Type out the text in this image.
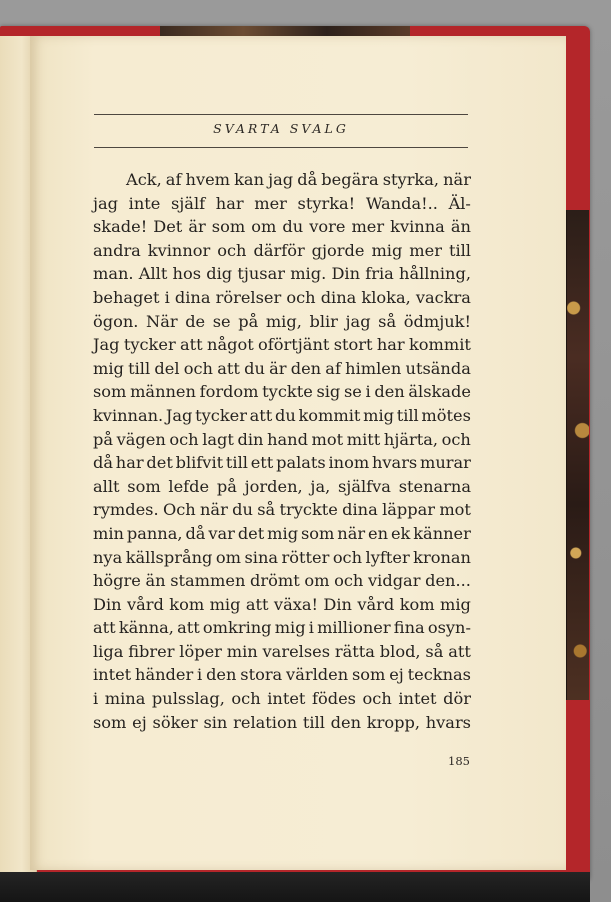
SVARTA SVALG
Ack, af hvem kan jag då begära styrka, när
jag inte själf har mer styrka! Wanda!.. Äl-
skade! Det är som om du vore mer kvinna än
andra kvinnor och därför gjorde mig mer till
man. Allt hos dig tjusar mig. Din fria hållning,
behaget i dina rörelser och dina kloka, vackra
ögon. När de se på mig, blir jag så ödmjuk!
Jag tycker att något oförtjänt stort har kommit
mig till del och att du är den af himlen utsända
som männen fordom tyckte sig se i den älskade
kvinnan. Jag tycker att du kommit mig till mötes
på vägen och lagt din hand mot mitt hjärta, och
då har det blifvit till ett palats inom hvars murar
allt som lefde på jorden, ja, själfva stenarna
rymdes. Och när du så tryckte dina läppar mot
min panna, då var det mig som när en ek känner
nya källsprång om sina rötter och lyfter kronan
högre än stammen drömt om och vidgar den...
Din vård kom mig att växa! Din vård kom mig
att känna, att omkring mig i millioner fina osyn-
liga fibrer löper min varelses rätta blod, så att
intet händer i den stora världen som ej tecknas
i mina pulsslag, och intet födes och intet dör
som ej söker sin relation till den kropp, hvars
185
